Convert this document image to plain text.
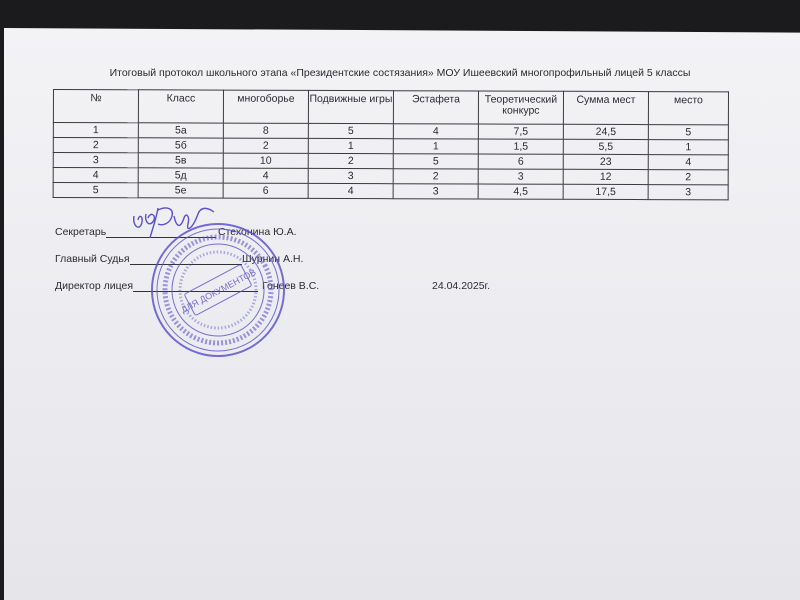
Итоговый протокол школьного этапа «Президентские состязания» МОУ Ишеевский многопрофильный лицей 5 классы
№	Класс	многоборье	Подвижные игры	Эстафета	Теоретический конкурс	Сумма мест	место
1	5а	8	5	4	7,5	24,5	5
2	5б	2	1	1	1,5	5,5	1
3	5в	10	2	5	6	23	4
4	5д	4	3	2	3	12	2
5	5е	6	4	3	4,5	17,5	3
Секретарь	Стехонина Ю.А.
Главный Судья	Шурнин А.Н.
Директор лицея	Гонеев В.С.	24.04.2025г.
ДЛЯ ДОКУМЕНТОВ
